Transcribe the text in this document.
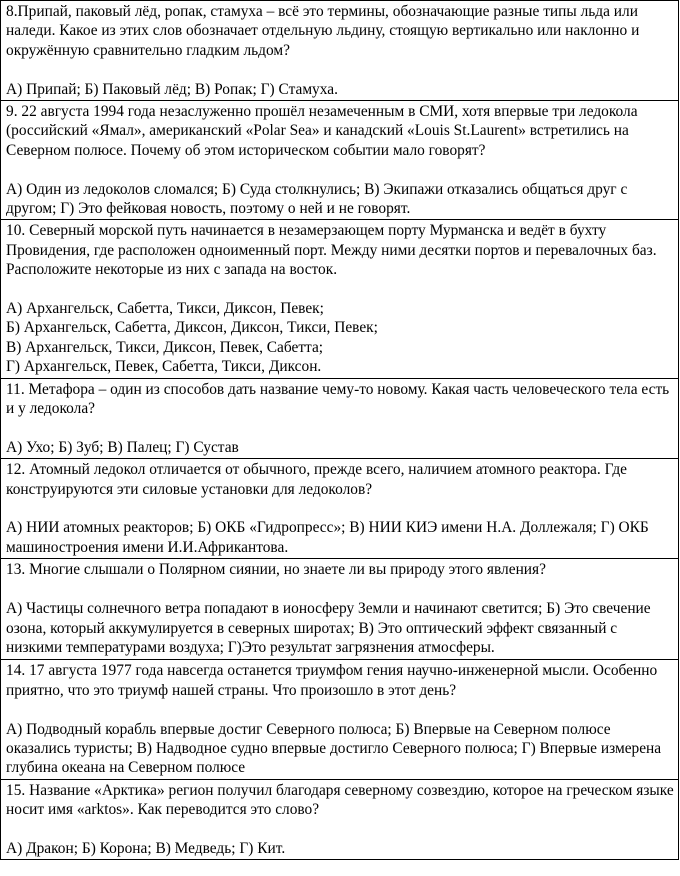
8.Припай, паковый лёд, ропак, стамуха – всё это термины, обозначающие разные типы льда или наледи. Какое из этих слов обозначает отдельную льдину, стоящую вертикально или наклонно и окружённую сравнительно гладким льдом?
А) Припай; Б) Паковый лёд; В) Ропак; Г) Стамуха.

9. 22 августа 1994 года незаслуженно прошёл незамеченным в СМИ, хотя впервые три ледокола (российский «Ямал», американский «Polar Sea» и канадский «Louis St.Laurent» встретились на Северном полюсе. Почему об этом историческом событии мало говорят?
А) Один из ледоколов сломался; Б) Суда столкнулись; В) Экипажи отказались общаться друг с другом; Г) Это фейковая новость, поэтому о ней и не говорят.

10. Северный морской путь начинается в незамерзающем порту Мурманска и ведёт в бухту Провидения, где расположен одноименный порт. Между ними десятки портов и перевалочных баз. Расположите некоторые из них с запада на восток.
А) Архангельск, Сабетта, Тикси, Диксон, Певек;
Б) Архангельск, Сабетта, Диксон, Диксон, Тикси, Певек;
В) Архангельск, Тикси, Диксон, Певек, Сабетта;
Г) Архангельск, Певек, Сабетта, Тикси, Диксон.

11. Метафора – один из способов дать название чему-то новому. Какая часть человеческого тела есть и у ледокола?
А) Ухо; Б) Зуб; В) Палец; Г) Сустав

12. Атомный ледокол отличается от обычного, прежде всего, наличием атомного реактора. Где конструируются эти силовые установки для ледоколов?
А) НИИ атомных реакторов; Б) ОКБ «Гидропресс»; В) НИИ КИЭ имени Н.А. Доллежаля; Г) ОКБ машиностроения имени И.И.Африкантова.

13. Многие слышали о Полярном сиянии, но знаете ли вы природу этого явления?
А) Частицы солнечного ветра попадают в ионосферу Земли и начинают светится; Б) Это свечение озона, который аккумулируется в северных широтах; В) Это оптический эффект связанный с низкими температурами воздуха; Г)Это результат загрязнения атмосферы.

14. 17 августа 1977 года навсегда останется триумфом гения научно-инженерной мысли. Особенно приятно, что это триумф нашей страны. Что произошло в этот день?
А) Подводный корабль впервые достиг Северного полюса; Б) Впервые на Северном полюсе оказались туристы; В) Надводное судно впервые достигло Северного полюса; Г) Впервые измерена глубина океана на Северном полюсе

15. Название «Арктика» регион получил благодаря северному созвездию, которое на греческом языке носит имя «arktos». Как переводится это слово?
А) Дракон; Б) Корона; В) Медведь; Г) Кит.
